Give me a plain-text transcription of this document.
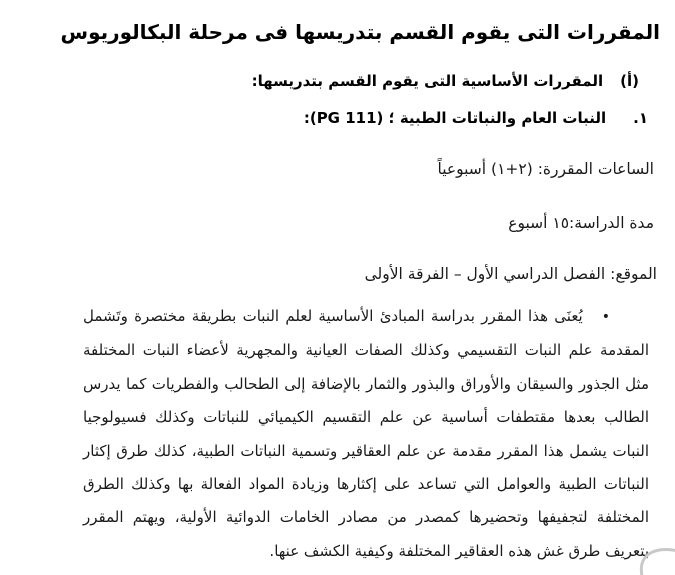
المقررات التى يقوم القسم بتدريسها فى مرحلة البكالوريوس
(أ)المقررات الأساسية التى يقوم القسم بتدريسها:
١.النبات العام والنباتات الطبية ؛ (PG 111):
الساعات المقررة: (٢+١) أسبوعياً
مدة الدراسة:١٥ أسبوع
الموقع: الفصل الدراسي الأول – الفرقة الأولى

•يُعنَى هذا المقرر بدراسة المبادئ الأساسية لعلم النبات بطريقة مختصرة وتَشمل المقدمة علم النبات التقسيمي وكذلك الصفات العيانية والمجهرية لأعضاء النبات المختلفة مثل الجذور والسيقان والأوراق والبذور والثمار بالإضافة إلى الطحالب والفطريات كما يدرس الطالب بعدها مقتطفات أساسية عن علم التقسيم الكيميائي للنباتات وكذلك فسيولوجيا النبات يشمل هذا المقرر مقدمة عن علم العقاقير وتسمية النباتات الطبية، كذلك طرق إكثار النباتات الطبية والعوامل التي تساعد على إكثارها وزيادة المواد الفعالة بها وكذلك الطرق المختلفة لتجفيفها وتحضيرها كمصدر من مصادر الخامات الدوائية الأولية، ويهتم المقرر بتعريف طرق غش هذه العقاقير المختلفة وكيفية الكشف عنها.
